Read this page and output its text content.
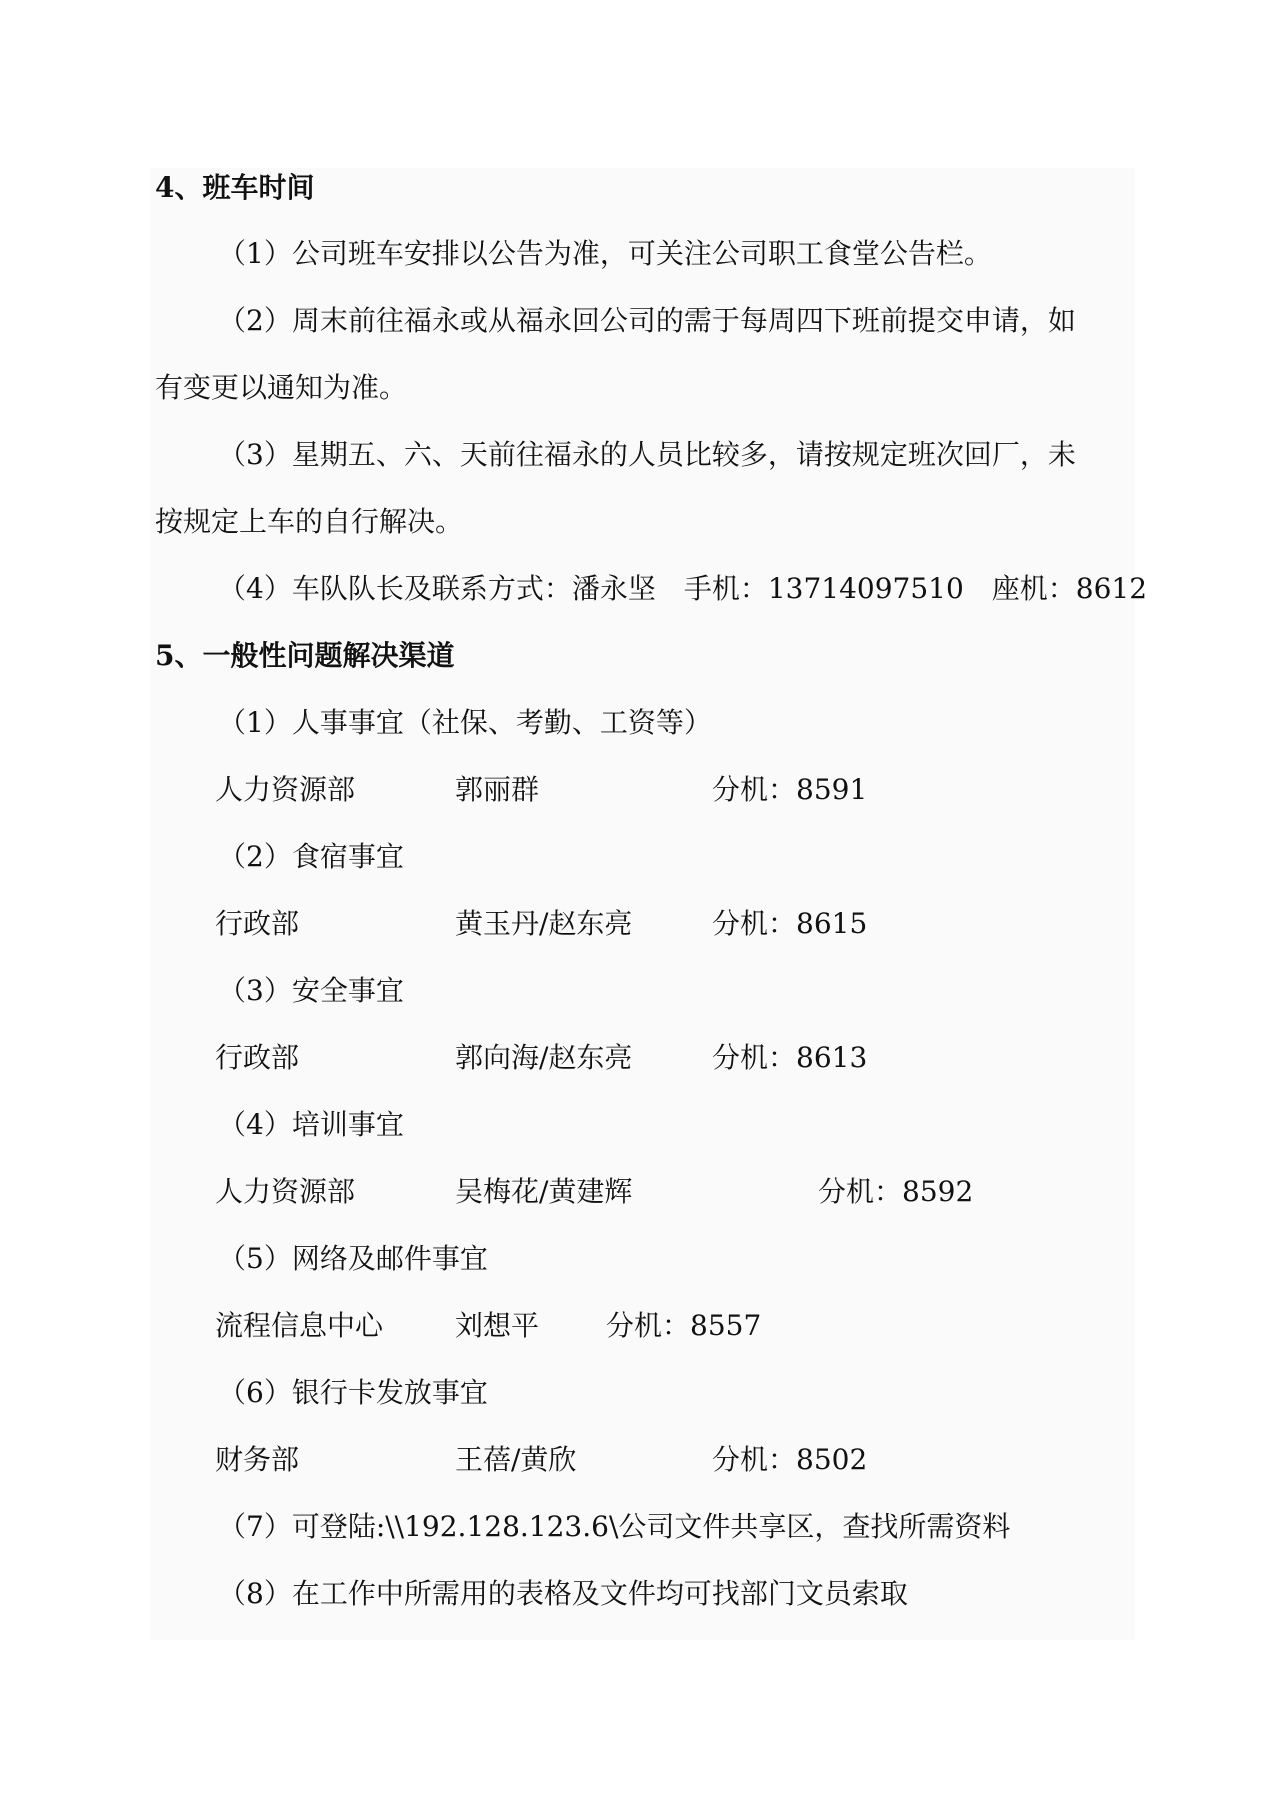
4、班车时间
（1）公司班车安排以公告为准，可关注公司职工食堂公告栏。
（2）周末前往福永或从福永回公司的需于每周四下班前提交申请，如
有变更以通知为准。
（3）星期五、六、天前往福永的人员比较多，请按规定班次回厂，未
按规定上车的自行解决。
（4）车队队长及联系方式：潘永坚　手机：13714097510　座机：8612
5、一般性问题解决渠道
（1）人事事宜（社保、考勤、工资等）
人力资源部	郭丽群	分机：8591
（2）食宿事宜
行政部	黄玉丹/赵东亮	分机：8615
（3）安全事宜
行政部	郭向海/赵东亮	分机：8613
（4）培训事宜
人力资源部	吴梅花/黄建辉	分机：8592
（5）网络及邮件事宜
流程信息中心	刘想平 分机：8557
（6）银行卡发放事宜
财务部	王蓓/黄欣	分机：8502
（7）可登陆:\\192.128.123.6\公司文件共享区，查找所需资料
（8）在工作中所需用的表格及文件均可找部门文员索取
